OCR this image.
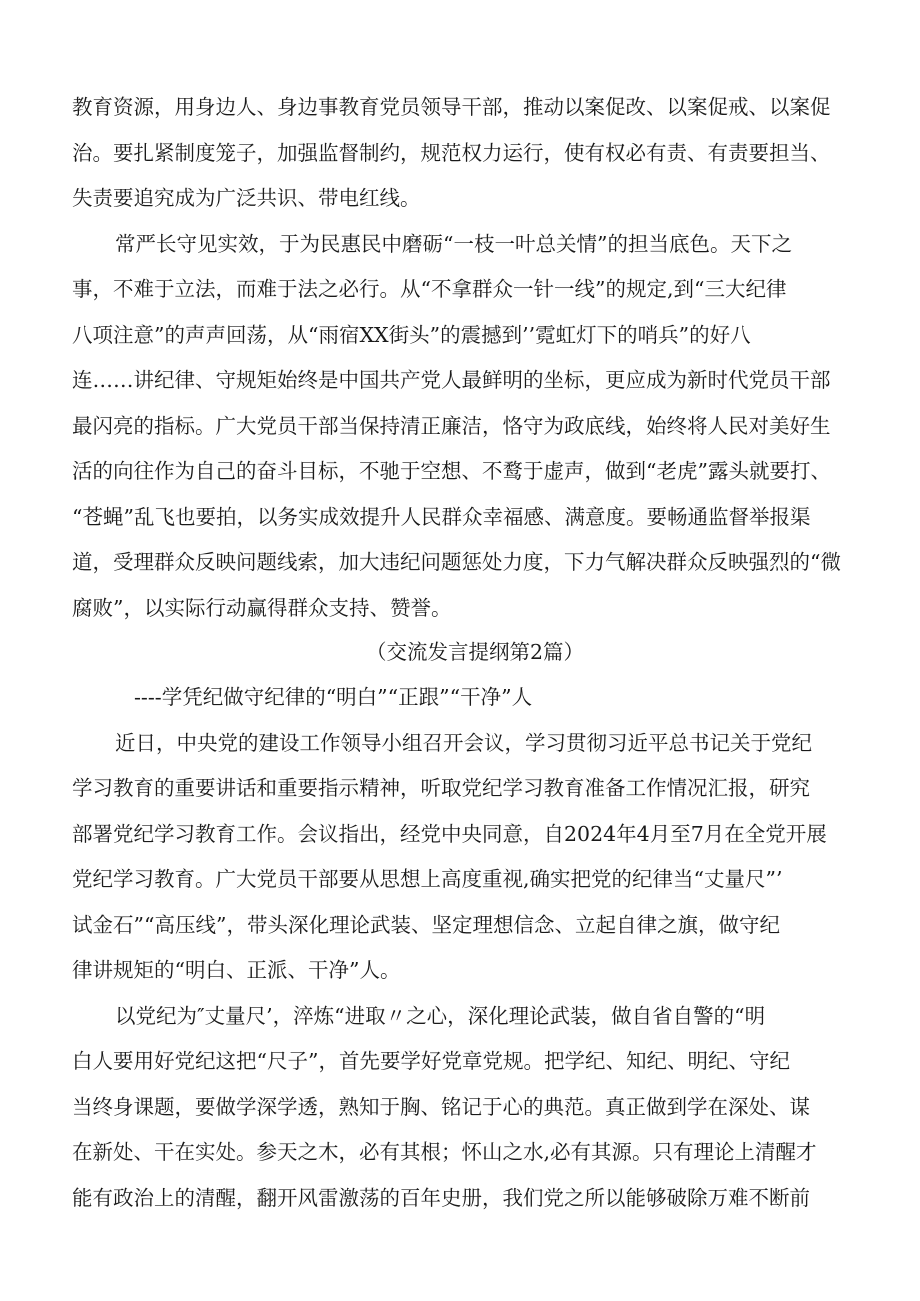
教育资源，用身边人、身边事教育党员领导干部，推动以案促改、以案促戒、以案促
治。要扎紧制度笼子，加强监督制约，规范权力运行，使有权必有责、有责要担当、
失责要追究成为广泛共识、带电红线。
常严长守见实效，于为民惠民中磨砺“一枝一叶总关情”的担当底色。天下之
事，不难于立法，而难于法之必行。从“不拿群众一针一线”的规定,到“三大纪律
八项注意”的声声回荡，从“雨宿XX街头”的震撼到’’霓虹灯下的哨兵”的好八
连……讲纪律、守规矩始终是中国共产党人最鲜明的坐标，更应成为新时代党员干部
最闪亮的指标。广大党员干部当保持清正廉洁，恪守为政底线，始终将人民对美好生
活的向往作为自己的奋斗目标，不驰于空想、不鹜于虚声，做到“老虎”露头就要打、
“苍蝇”乱飞也要拍，以务实成效提升人民群众幸福感、满意度。要畅通监督举报渠
道，受理群众反映问题线索，加大违纪问题惩处力度，下力气解决群众反映强烈的“微
腐败”，以实际行动赢得群众支持、赞誉。
（交流发言提纲第2篇）
----学凭纪做守纪律的“明白”“正跟”“干净”人
近日，中央党的建设工作领导小组召开会议，学习贯彻习近平总书记关于党纪
学习教育的重要讲话和重要指示精神，听取党纪学习教育准备工作情况汇报，研究
部署党纪学习教育工作。会议指出，经党中央同意，自2024年4月至7月在全党开展
党纪学习教育。广大党员干部要从思想上高度重视,确实把党的纪律当“丈量尺”’
试金石”“高压线”，带头深化理论武装、坚定理想信念、立起自律之旗，做守纪
律讲规矩的“明白、正派、干净”人。
以党纪为″丈量尺’，淬炼“进取〃之心，深化理论武装，做自省自警的“明
白人要用好党纪这把“尺子”，首先要学好党章党规。把学纪、知纪、明纪、守纪
当终身课题，要做学深学透，熟知于胸、铭记于心的典范。真正做到学在深处、谋
在新处、干在实处。参天之木，必有其根；怀山之水,必有其源。只有理论上清醒才
能有政治上的清醒，翻开风雷激荡的百年史册，我们党之所以能够破除万难不断前
